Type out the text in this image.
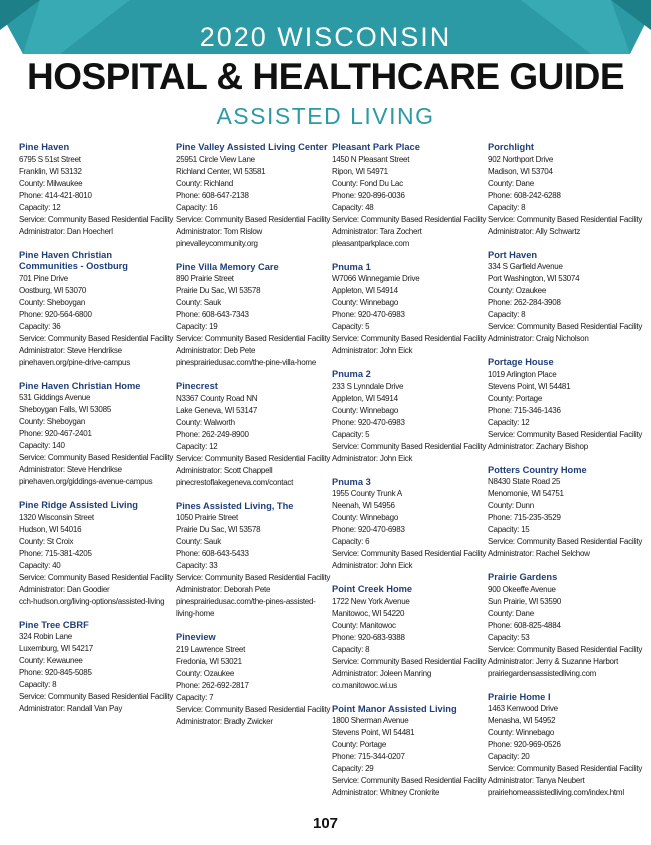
2020 WISCONSIN
HOSPITAL & HEALTHCARE GUIDE
ASSISTED LIVING
Pine Haven
6795 S 51st Street
Franklin, WI 53132
County: Milwaukee
Phone: 414-421-8010
Capacity: 12
Service: Community Based Residential Facility
Administrator: Dan Hoecherl
Pine Haven Christian Communities - Oostburg
701 Pine Drive
Oostburg, WI 53070
County: Sheboygan
Phone: 920-564-6800
Capacity: 36
Service: Community Based Residential Facility
Administrator: Steve Hendrikse
pinehaven.org/pine-drive-campus
Pine Haven Christian Home
531 Giddings Avenue
Sheboygan Falls, WI 53085
County: Sheboygan
Phone: 920-467-2401
Capacity: 140
Service: Community Based Residential Facility
Administrator: Steve Hendrikse
pinehaven.org/giddings-avenue-campus
Pine Ridge Assisted Living
1320 Wisconsin Street
Hudson, WI 54016
County: St Croix
Phone: 715-381-4205
Capacity: 40
Service: Community Based Residential Facility
Administrator: Dan Goodier
cch-hudson.org/living-options/assisted-living
Pine Tree CBRF
324 Robin Lane
Luxemburg, WI 54217
County: Kewaunee
Phone: 920-845-5085
Capacity: 8
Service: Community Based Residential Facility
Administrator: Randall Van Pay
Pine Valley Assisted Living Center
25951 Circle View Lane
Richland Center, WI 53581
County: Richland
Phone: 608-647-2138
Capacity: 16
Service: Community Based Residential Facility
Administrator: Tom Rislow
pinevalleycommunity.org
Pine Villa Memory Care
890 Prairie Street
Prairie Du Sac, WI 53578
County: Sauk
Phone: 608-643-7343
Capacity: 19
Service: Community Based Residential Facility
Administrator: Deb Pete
pinesprairiedusac.com/the-pine-villa-home
Pinecrest
N3367 County Road NN
Lake Geneva, WI 53147
County: Walworth
Phone: 262-249-8900
Capacity: 12
Service: Community Based Residential Facility
Administrator: Scott Chappell
pinecrestoflakegeneva.com/contact
Pines Assisted Living, The
1050 Prairie Street
Prairie Du Sac, WI 53578
County: Sauk
Phone: 608-643-5433
Capacity: 33
Service: Community Based Residential Facility
Administrator: Deborah Pete
pinesprairiedusac.com/the-pines-assisted-living-home
Pineview
219 Lawrence Street
Fredonia, WI 53021
County: Ozaukee
Phone: 262-692-2817
Capacity: 7
Service: Community Based Residential Facility
Administrator: Bradly Zwicker
Pleasant Park Place
1450 N Pleasant Street
Ripon, WI 54971
County: Fond Du Lac
Phone: 920-896-0036
Capacity: 48
Service: Community Based Residential Facility
Administrator: Tara Zochert
pleasantparkplace.com
Pnuma 1
W7066 Winnegamie Drive
Appleton, WI 54914
County: Winnebago
Phone: 920-470-6983
Capacity: 5
Service: Community Based Residential Facility
Administrator: John Eick
Pnuma 2
233 S Lynndale Drive
Appleton, WI 54914
County: Winnebago
Phone: 920-470-6983
Capacity: 5
Service: Community Based Residential Facility
Administrator: John Eick
Pnuma 3
1955 County Trunk A
Neenah, WI 54956
County: Winnebago
Phone: 920-470-6983
Capacity: 6
Service: Community Based Residential Facility
Administrator: John Eick
Point Creek Home
1722 New York Avenue
Manitowoc, WI 54220
County: Manitowoc
Phone: 920-683-9388
Capacity: 8
Service: Community Based Residential Facility
Administrator: Joleen Manring
co.manitowoc.wi.us
Point Manor Assisted Living
1800 Sherman Avenue
Stevens Point, WI 54481
County: Portage
Phone: 715-344-0207
Capacity: 29
Service: Community Based Residential Facility
Administrator: Whitney Cronkrite
Porchlight
902 Northport Drive
Madison, WI 53704
County: Dane
Phone: 608-242-6288
Capacity: 8
Service: Community Based Residential Facility
Administrator: Ally Schwartz
Port Haven
334 S Garfield Avenue
Port Washington, WI 53074
County: Ozaukee
Phone: 262-284-3908
Capacity: 8
Service: Community Based Residential Facility
Administrator: Craig Nicholson
Portage House
1019 Arlington Place
Stevens Point, WI 54481
County: Portage
Phone: 715-346-1436
Capacity: 12
Service: Community Based Residential Facility
Administrator: Zachary Bishop
Potters Country Home
N8430 State Road 25
Menomonie, WI 54751
County: Dunn
Phone: 715-235-3529
Capacity: 15
Service: Community Based Residential Facility
Administrator: Rachel Selchow
Prairie Gardens
900 Okeeffe Avenue
Sun Prairie, WI 53590
County: Dane
Phone: 608-825-4884
Capacity: 53
Service: Community Based Residential Facility
Administrator: Jerry & Suzanne Harbort
prairiegardensassistedliving.com
Prairie Home I
1463 Kenwood Drive
Menasha, WI 54952
County: Winnebago
Phone: 920-969-0526
Capacity: 20
Service: Community Based Residential Facility
Administrator: Tanya Neubert
prairiehomeassistedliving.com/index.html
107
